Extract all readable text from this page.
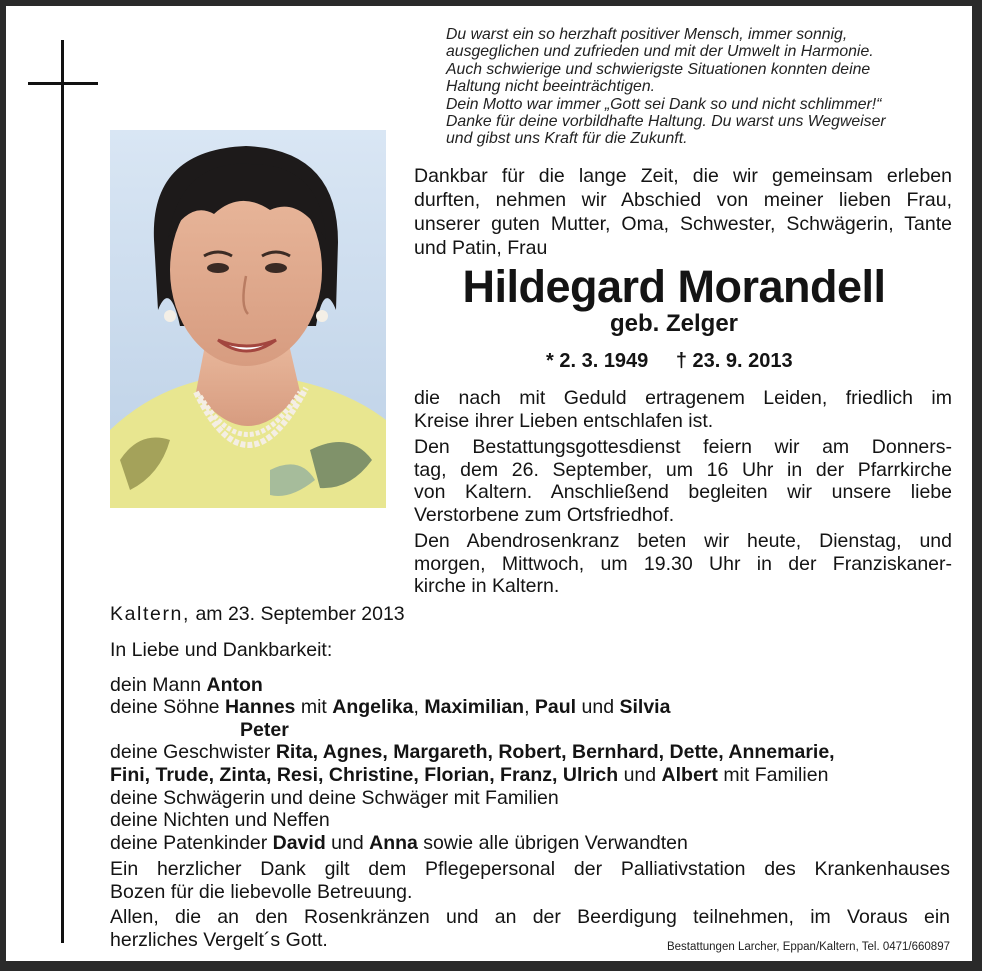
Du warst ein so herzhaft positiver Mensch, immer sonnig,
ausgeglichen und zufrieden und mit der Umwelt in Harmonie.
Auch schwierige und schwierigste Situationen konnten deine
Haltung nicht beeinträchtigen.
Dein Motto war immer „Gott sei Dank so und nicht schlimmer!“
Danke für deine vorbildhafte Haltung. Du warst uns Wegweiser
und gibst uns Kraft für die Zukunft.
Dankbar für die lange Zeit, die wir gemeinsam erleben durften, nehmen wir Abschied von meiner lieben Frau, unserer guten Mutter, Oma, Schwester, Schwägerin, Tante und Patin, Frau
Hildegard Morandell
geb. Zelger
* 2. 3. 1949 † 23. 9. 2013
die nach mit Geduld ertragenem Leiden, friedlich im
Kreise ihrer Lieben entschlafen ist.
Den Bestattungsgottesdienst feiern wir am Donners-
tag, dem 26. September, um 16 Uhr in der Pfarrkirche
von Kaltern. Anschließend begleiten wir unsere liebe
Verstorbene zum Ortsfriedhof.
Den Abendrosenkranz beten wir heute, Dienstag, und
morgen, Mittwoch, um 19.30 Uhr in der Franziskaner-
kirche in Kaltern.
Kaltern, am 23. September 2013
In Liebe und Dankbarkeit:
dein Mann Anton
deine Söhne Hannes mit Angelika, Maximilian, Paul und Silvia
Peter
deine Geschwister Rita, Agnes, Margareth, Robert, Bernhard, Dette, Annemarie,
Fini, Trude, Zinta, Resi, Christine, Florian, Franz, Ulrich und Albert mit Familien
deine Schwägerin und deine Schwäger mit Familien
deine Nichten und Neffen
deine Patenkinder David und Anna sowie alle übrigen Verwandten
Ein herzlicher Dank gilt dem Pflegepersonal der Palliativstation des Krankenhauses
Bozen für die liebevolle Betreuung.
Allen, die an den Rosenkränzen und an der Beerdigung teilnehmen, im Voraus ein
herzliches Vergelt´s Gott.	Bestattungen Larcher, Eppan/Kaltern, Tel. 0471/660897
